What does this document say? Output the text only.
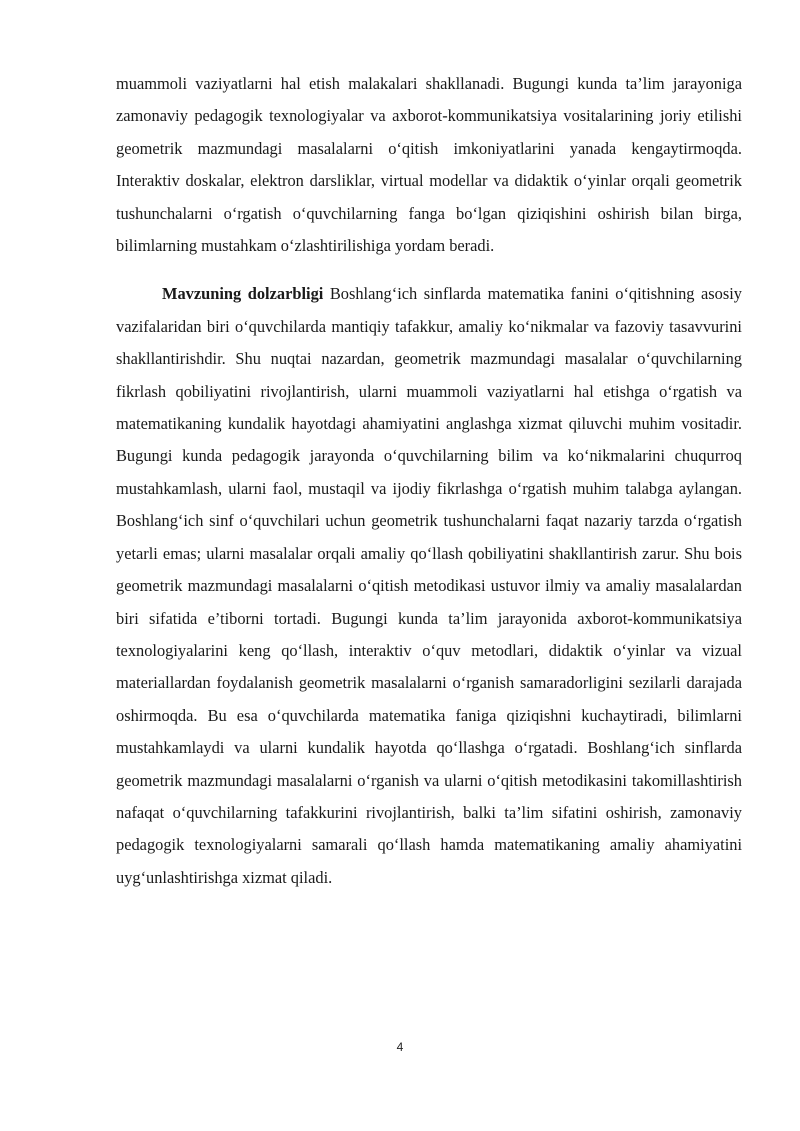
muammoli vaziyatlarni hal etish malakalari shakllanadi. Bugungi kunda ta’lim jarayoniga zamonaviy pedagogik texnologiyalar va axborot-kommunikatsiya vositalarining joriy etilishi geometrik mazmundagi masalalarni o‘qitish imkoniyatlarini yanada kengaytirmoqda. Interaktiv doskalar, elektron darsliklar, virtual modellar va didaktik o‘yinlar orqali geometrik tushunchalarni o‘rgatish o‘quvchilarning fanga bo‘lgan qiziqishini oshirish bilan birga, bilimlarning mustahkam o‘zlashtirilishiga yordam beradi.

Mavzuning dolzarbligi Boshlang‘ich sinflarda matematika fanini o‘qitishning asosiy vazifalaridan biri o‘quvchilarda mantiqiy tafakkur, amaliy ko‘nikmalar va fazoviy tasavvurini shakllantirishdir. Shu nuqtai nazardan, geometrik mazmundagi masalalar o‘quvchilarning fikrlash qobiliyatini rivojlantirish, ularni muammoli vaziyatlarni hal etishga o‘rgatish va matematikaning kundalik hayotdagi ahamiyatini anglashga xizmat qiluvchi muhim vositadir. Bugungi kunda pedagogik jarayonda o‘quvchilarning bilim va ko‘nikmalarini chuqurroq mustahkamlash, ularni faol, mustaqil va ijodiy fikrlashga o‘rgatish muhim talabga aylangan. Boshlang‘ich sinf o‘quvchilari uchun geometrik tushunchalarni faqat nazariy tarzda o‘rgatish yetarli emas; ularni masalalar orqali amaliy qo‘llash qobiliyatini shakllantirish zarur. Shu bois geometrik mazmundagi masalalarni o‘qitish metodikasi ustuvor ilmiy va amaliy masalalardan biri sifatida e’tiborni tortadi. Bugungi kunda ta’lim jarayonida axborot-kommunikatsiya texnologiyalarini keng qo‘llash, interaktiv o‘quv metodlari, didaktik o‘yinlar va vizual materiallardan foydalanish geometrik masalalarni o‘rganish samaradorligini sezilarli darajada oshirmoqda. Bu esa o‘quvchilarda matematika faniga qiziqishni kuchaytiradi, bilimlarni mustahkamlaydi va ularni kundalik hayotda qo‘llashga o‘rgatadi. Boshlang‘ich sinflarda geometrik mazmundagi masalalarni o‘rganish va ularni o‘qitish metodikasini takomillashtirish nafaqat o‘quvchilarning tafakkurini rivojlantirish, balki ta’lim sifatini oshirish, zamonaviy pedagogik texnologiyalarni samarali qo‘llash hamda matematikaning amaliy ahamiyatini uyg‘unlashtirishga xizmat qiladi.

4
